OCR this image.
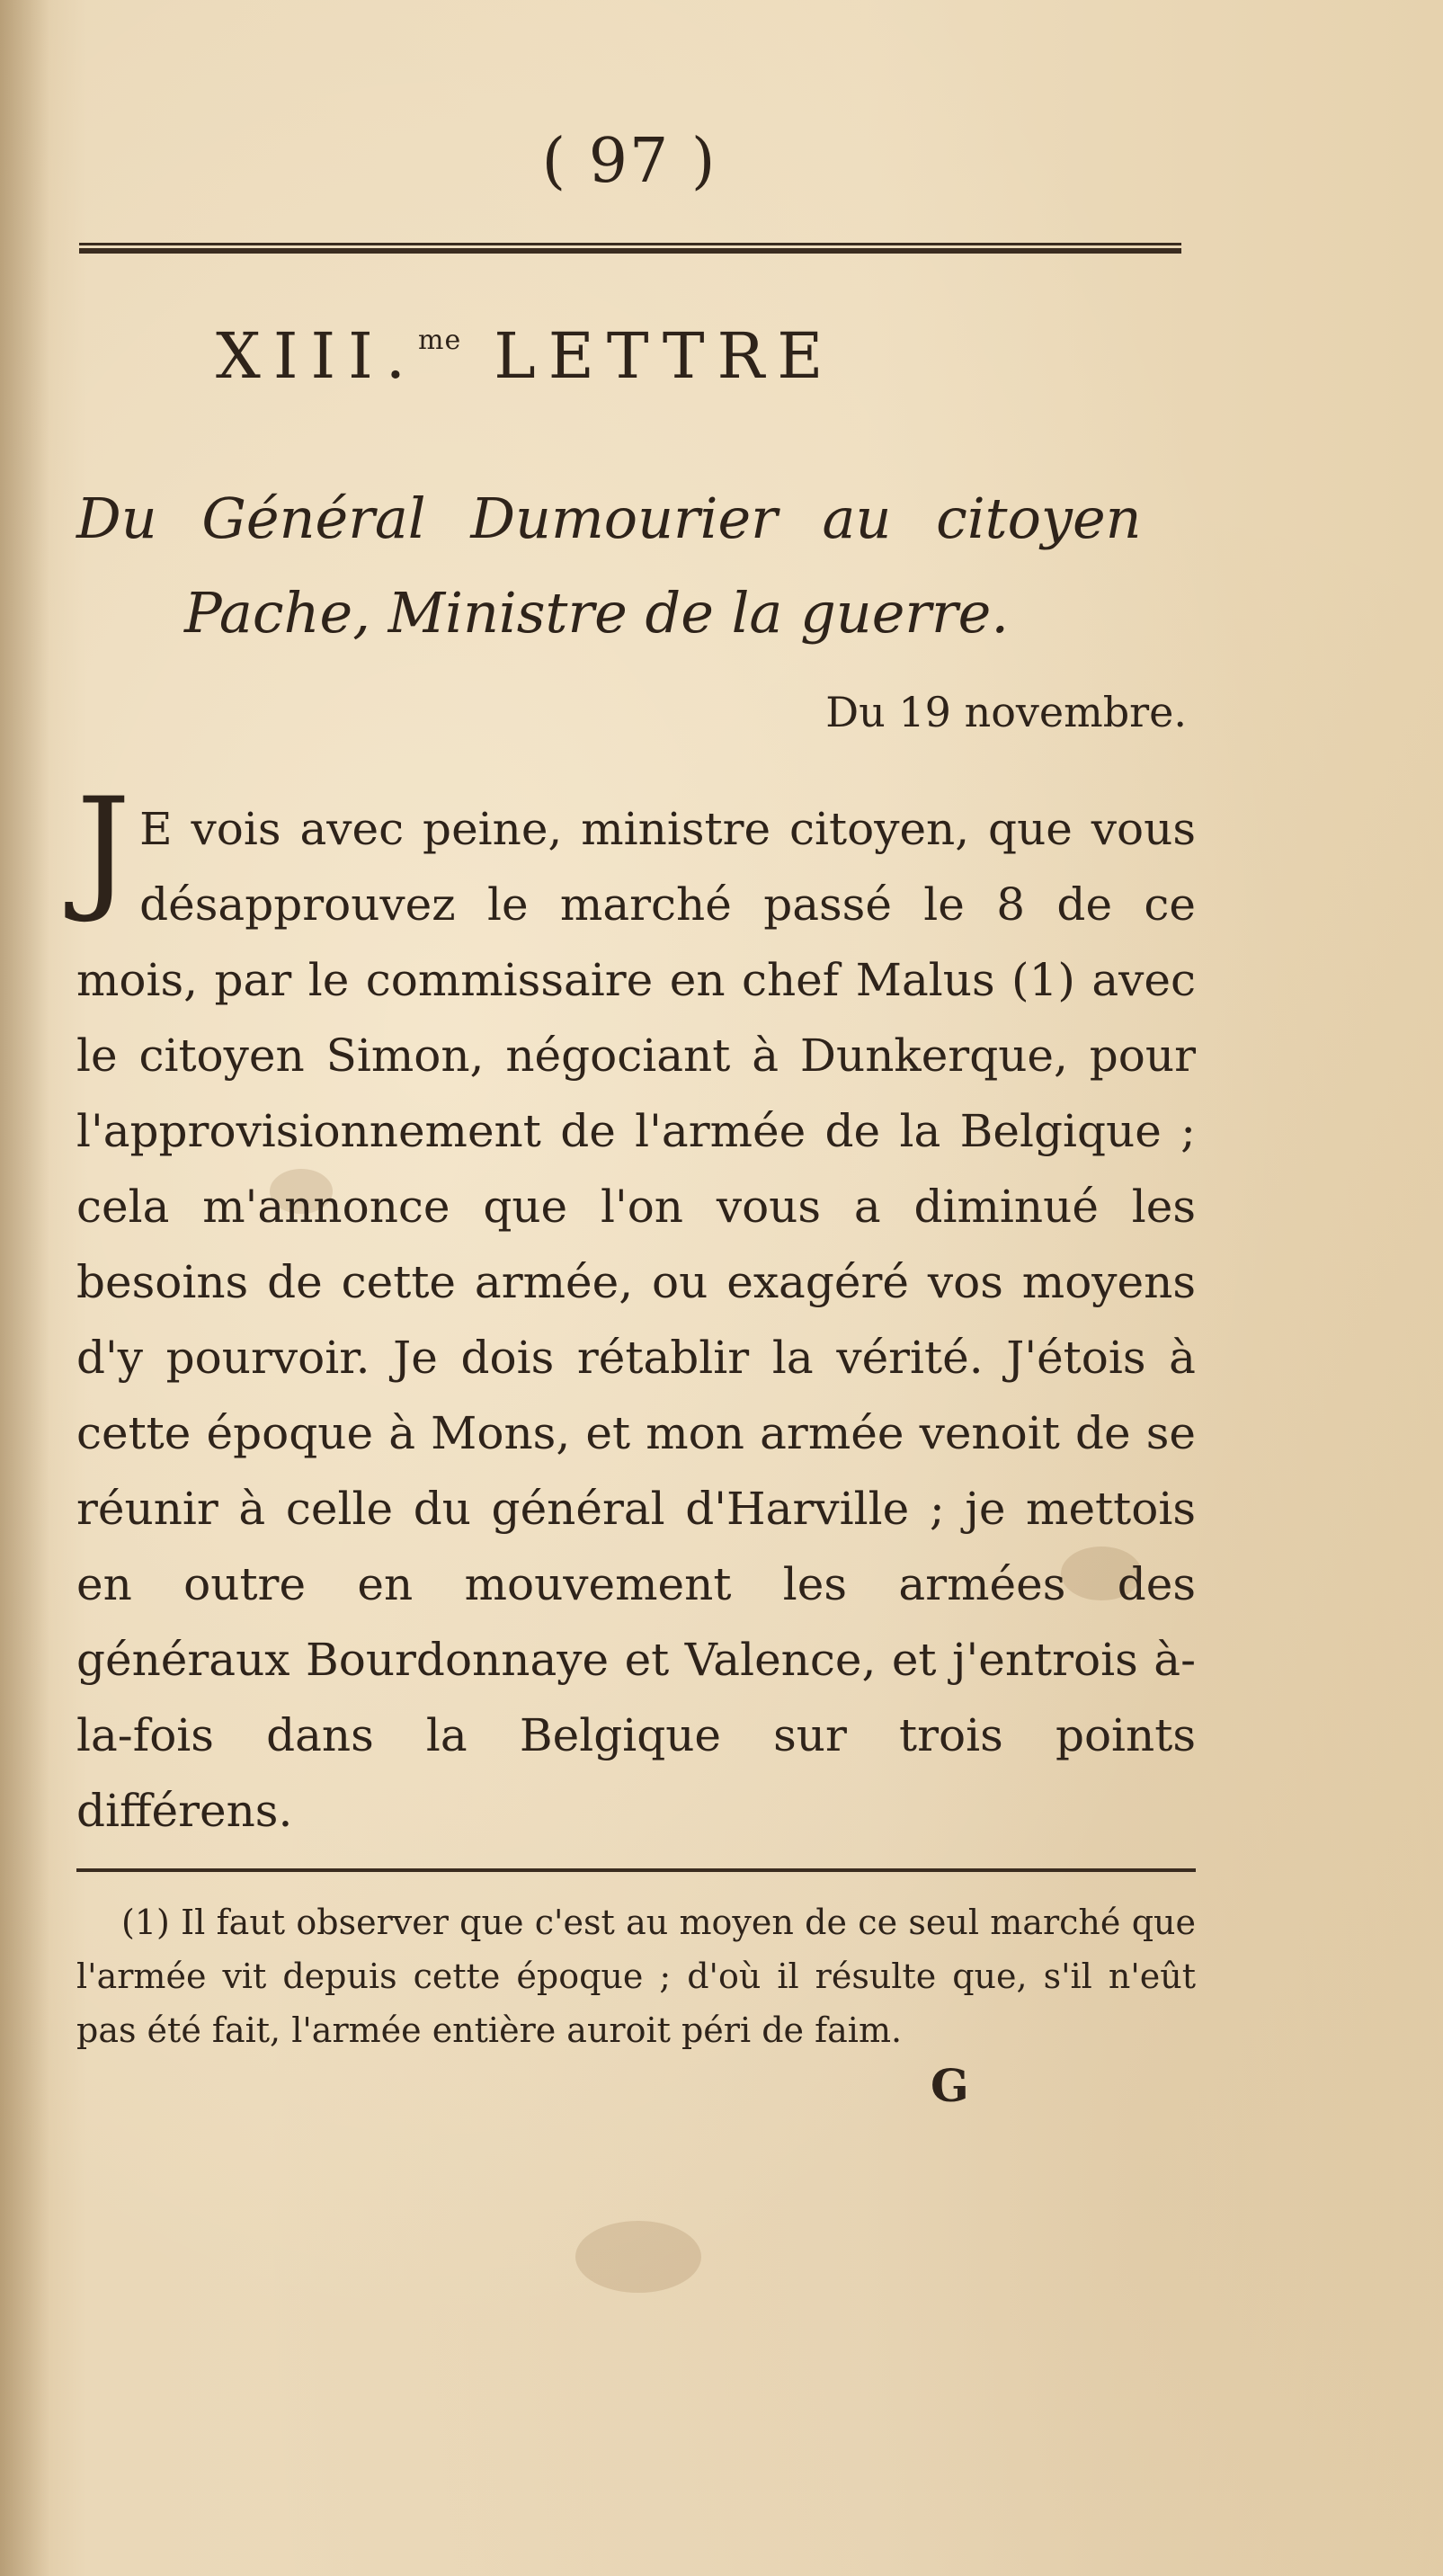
( 97 )
XIII.$^{me}$ LETTRE
Du Général Dumourier au citoyen
Pache, Ministre de la guerre.
Du 19 novembre.
J E vois avec peine, ministre citoyen, que vous désapprouvez le marché passé le 8 de ce mois, par le commissaire en chef Malus (1) avec le citoyen Simon, négociant à Dunkerque, pour l'approvisionnement de l'armée de la Belgique ; cela m'annonce que l'on vous a diminué les besoins de cette armée, ou exagéré vos moyens d'y pourvoir. Je dois rétablir la vérité. J'étois à cette époque à Mons, et mon armée venoit de se réunir à celle du général d'Harville ; je mettois en outre en mouvement les armées des généraux Bourdonnaye et Valence, et j'entrois à-la-fois dans la Belgique sur trois points différens.
(1) Il faut observer que c'est au moyen de ce seul marché que l'armée vit depuis cette époque ; d'où il résulte que, s'il n'eût pas été fait, l'armée entière auroit péri de faim.
G
